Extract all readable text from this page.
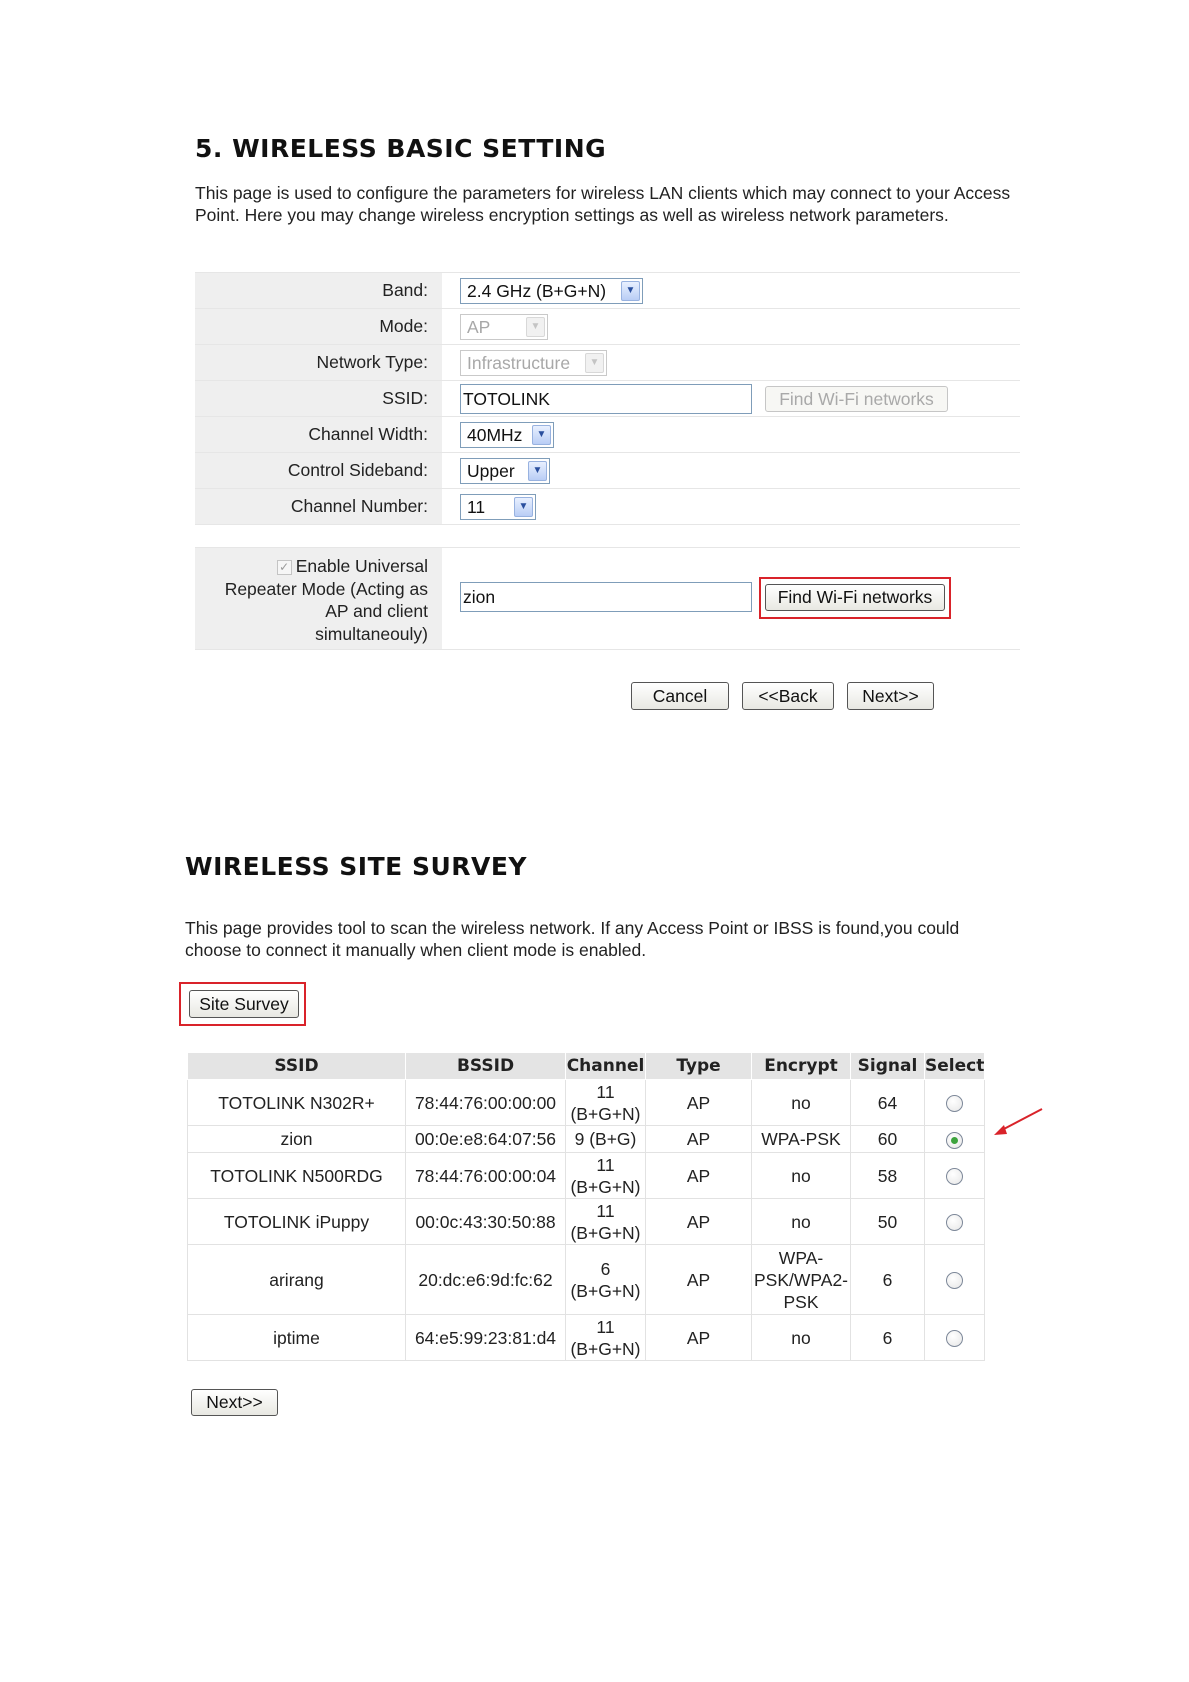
5. WIRELESS BASIC SETTING

This page is used to configure the parameters for wireless LAN clients which may connect to your Access Point. Here you may change wireless encryption settings as well as wireless network parameters.

Band:	2.4 GHz (B+G+N)	▼
Mode:	AP	▼
Network Type:	Infrastructure	▼
SSID:	TOTOLINK	Find Wi-Fi networks
Channel Width:	40MHz	▼
Control Sideband:	Upper	▼
Channel Number:	11	▼
✓ Enable Universal
Repeater Mode (Acting as
AP and client
simultaneouly)
zion	Find Wi-Fi networks
Cancel	<<Back	Next>>
WIRELESS SITE SURVEY

This page provides tool to scan the wireless network. If any Access Point or IBSS is found,you could choose to connect it manually when client mode is enabled.

Site Survey
SSID	BSSID	Channel	Type	Encrypt	Signal	Select
TOTOLINK N302R+	78:44:76:00:00:00	11 (B+G+N)	AP	no	64	
zion	00:0e:e8:64:07:56	9 (B+G)	AP	WPA-PSK	60	
TOTOLINK N500RDG	78:44:76:00:00:04	11 (B+G+N)	AP	no	58	
TOTOLINK iPuppy	00:0c:43:30:50:88	11 (B+G+N)	AP	no	50	
arirang	20:dc:e6:9d:fc:62	6 (B+G+N)	AP	WPA-PSK/WPA2-PSK	6	
iptime	64:e5:99:23:81:d4	11 (B+G+N)	AP	no	6	
Next>>
